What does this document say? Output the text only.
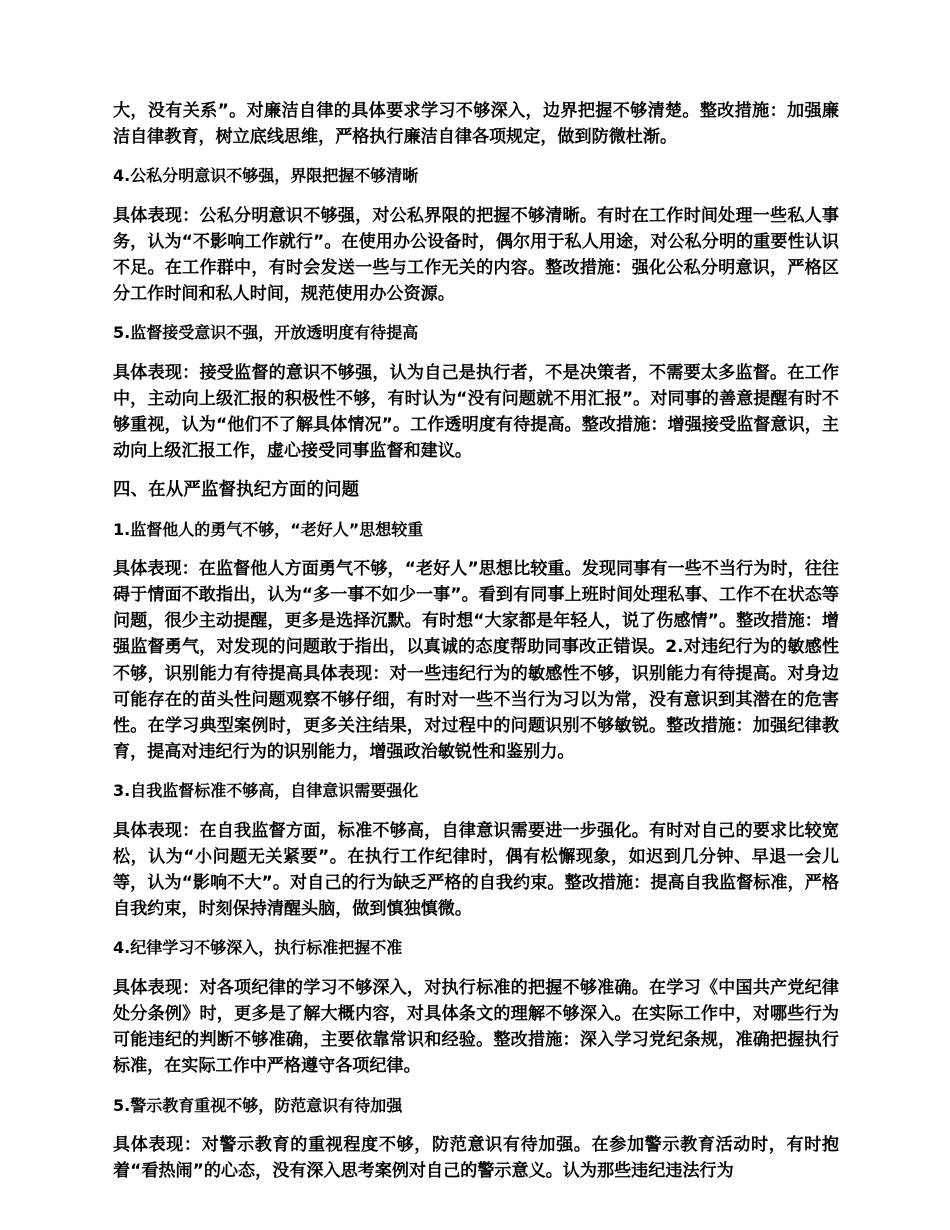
大，没有关系”。对廉洁自律的具体要求学习不够深入，边界把握不够清楚。整改措施：加强廉洁自律教育，树立底线思维，严格执行廉洁自律各项规定，做到防微杜渐。

4.公私分明意识不够强，界限把握不够清晰

具体表现：公私分明意识不够强，对公私界限的把握不够清晰。有时在工作时间处理一些私人事务，认为“不影响工作就行”。在使用办公设备时，偶尔用于私人用途，对公私分明的重要性认识不足。在工作群中，有时会发送一些与工作无关的内容。整改措施：强化公私分明意识，严格区分工作时间和私人时间，规范使用办公资源。

5.监督接受意识不强，开放透明度有待提高

具体表现：接受监督的意识不够强，认为自己是执行者，不是决策者，不需要太多监督。在工作中，主动向上级汇报的积极性不够，有时认为“没有问题就不用汇报”。对同事的善意提醒有时不够重视，认为“他们不了解具体情况”。工作透明度有待提高。整改措施：增强接受监督意识，主动向上级汇报工作，虚心接受同事监督和建议。

四、在从严监督执纪方面的问题

1.监督他人的勇气不够，“老好人”思想较重

具体表现：在监督他人方面勇气不够，“老好人”思想比较重。发现同事有一些不当行为时，往往碍于情面不敢指出，认为“多一事不如少一事”。看到有同事上班时间处理私事、工作不在状态等问题，很少主动提醒，更多是选择沉默。有时想“大家都是年轻人，说了伤感情”。整改措施：增强监督勇气，对发现的问题敢于指出，以真诚的态度帮助同事改正错误。2.对违纪行为的敏感性不够，识别能力有待提高具体表现：对一些违纪行为的敏感性不够，识别能力有待提高。对身边可能存在的苗头性问题观察不够仔细，有时对一些不当行为习以为常，没有意识到其潜在的危害性。在学习典型案例时，更多关注结果，对过程中的问题识别不够敏锐。整改措施：加强纪律教育，提高对违纪行为的识别能力，增强政治敏锐性和鉴别力。

3.自我监督标准不够高，自律意识需要强化

具体表现：在自我监督方面，标准不够高，自律意识需要进一步强化。有时对自己的要求比较宽松，认为“小问题无关紧要”。在执行工作纪律时，偶有松懈现象，如迟到几分钟、早退一会儿等，认为“影响不大”。对自己的行为缺乏严格的自我约束。整改措施：提高自我监督标准，严格自我约束，时刻保持清醒头脑，做到慎独慎微。

4.纪律学习不够深入，执行标准把握不准

具体表现：对各项纪律的学习不够深入，对执行标准的把握不够准确。在学习《中国共产党纪律处分条例》时，更多是了解大概内容，对具体条文的理解不够深入。在实际工作中，对哪些行为可能违纪的判断不够准确，主要依靠常识和经验。整改措施：深入学习党纪条规，准确把握执行标准，在实际工作中严格遵守各项纪律。

5.警示教育重视不够，防范意识有待加强

具体表现：对警示教育的重视程度不够，防范意识有待加强。在参加警示教育活动时，有时抱着“看热闹”的心态，没有深入思考案例对自己的警示意义。认为那些违纪违法行为
